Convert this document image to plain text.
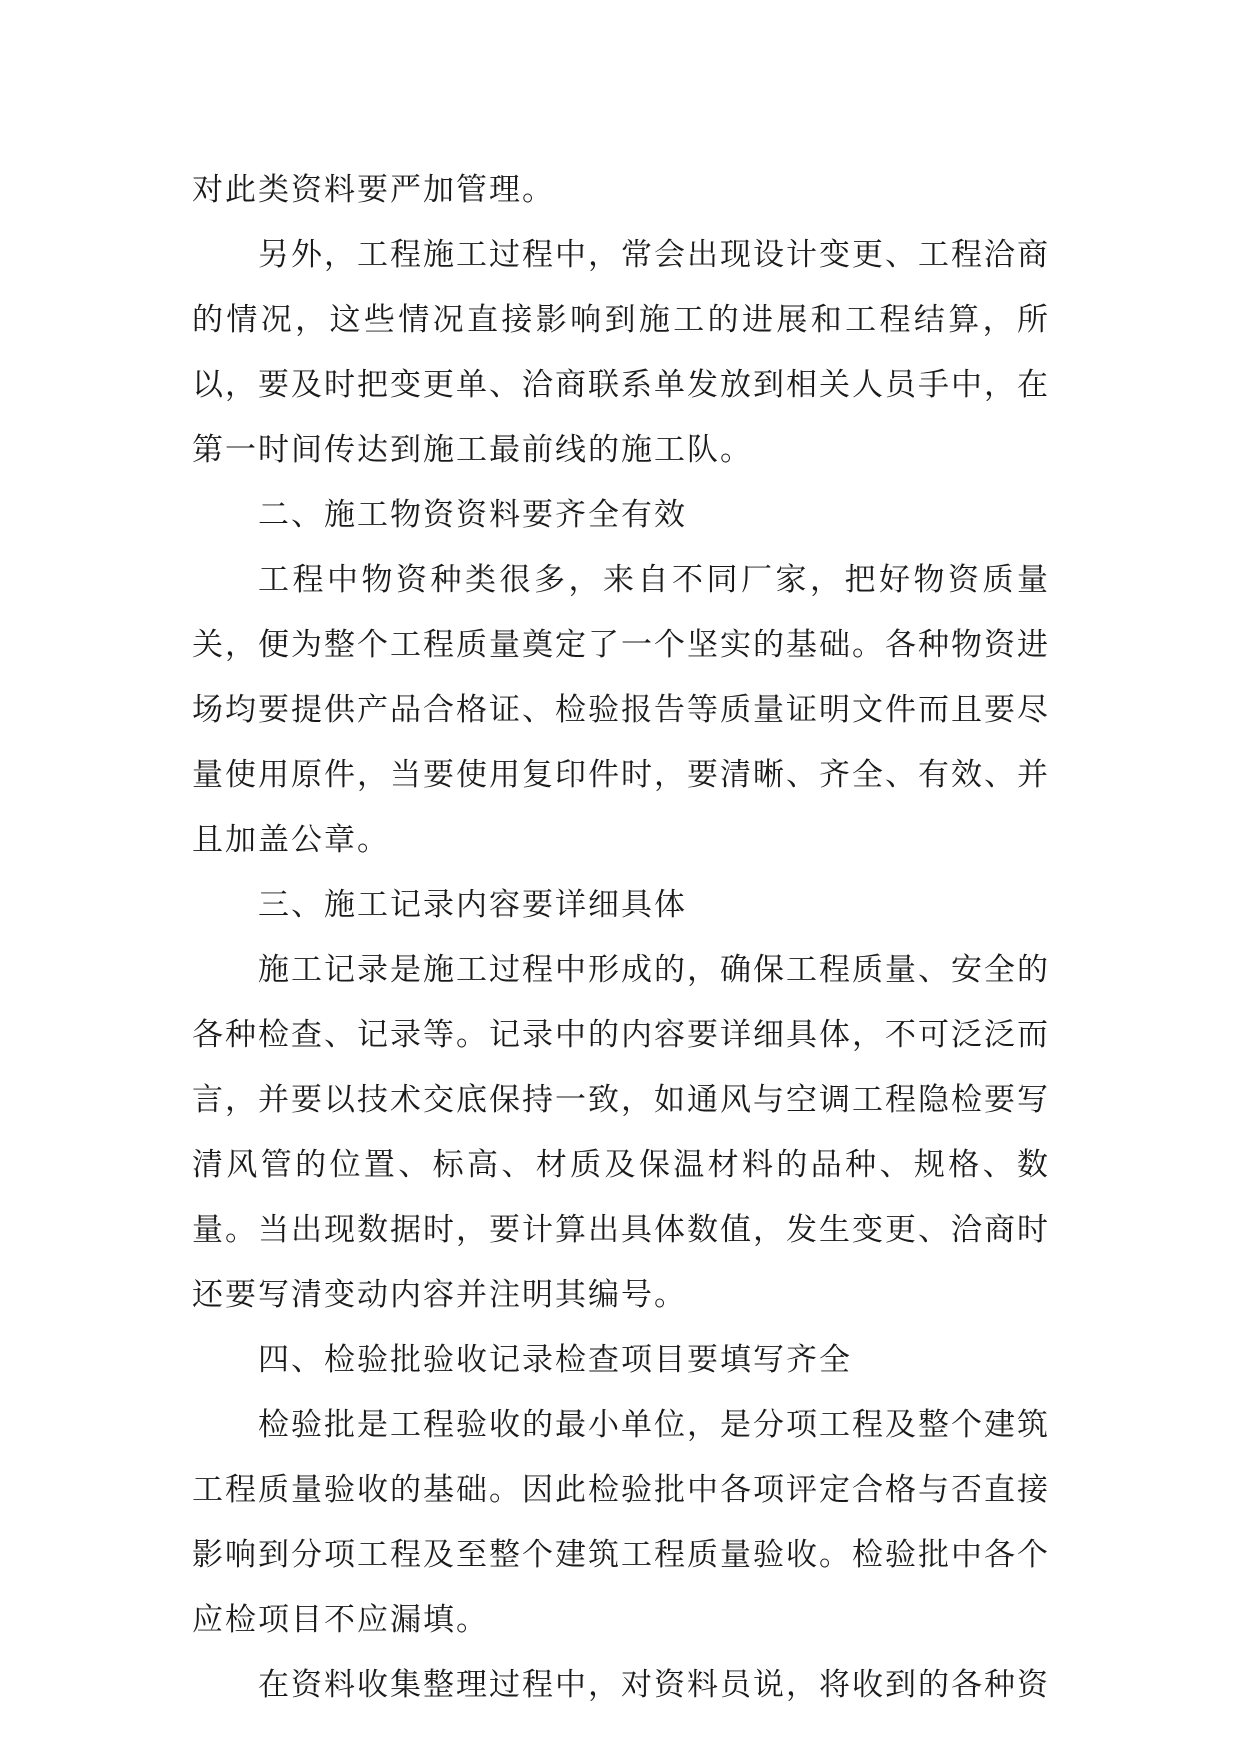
对此类资料要严加管理。

另外，工程施工过程中，常会出现设计变更、工程洽商的情况，这些情况直接影响到施工的进展和工程结算，所以，要及时把变更单、洽商联系单发放到相关人员手中，在第一时间传达到施工最前线的施工队。

二、施工物资资料要齐全有效

工程中物资种类很多，来自不同厂家，把好物资质量关，便为整个工程质量奠定了一个坚实的基础。各种物资进场均要提供产品合格证、检验报告等质量证明文件而且要尽量使用原件，当要使用复印件时，要清晰、齐全、有效、并且加盖公章。

三、施工记录内容要详细具体

施工记录是施工过程中形成的，确保工程质量、安全的各种检查、记录等。记录中的内容要详细具体，不可泛泛而言，并要以技术交底保持一致，如通风与空调工程隐检要写清风管的位置、标高、材质及保温材料的品种、规格、数量。当出现数据时，要计算出具体数值，发生变更、洽商时还要写清变动内容并注明其编号。

四、检验批验收记录检查项目要填写齐全

检验批是工程验收的最小单位，是分项工程及整个建筑工程质量验收的基础。因此检验批中各项评定合格与否直接影响到分项工程及至整个建筑工程质量验收。检验批中各个应检项目不应漏填。

在资料收集整理过程中，对资料员说，将收到的各种资
